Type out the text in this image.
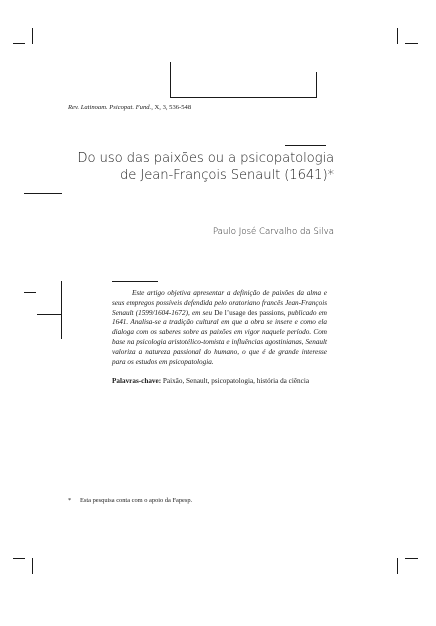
Rev. Latinoam. Psicopat. Fund., X, 3, 536-548
Do uso das paixões ou a psicopatologia
de Jean-François Senault (1641)*
Paulo José Carvalho da Silva

Este artigo objetiva apresentar a definição de paixões da alma e seus empregos possíveis defendida pelo oratoriano francês Jean-François Senault (1599/1604-1672), em seu De l’usage des passions, publicado em 1641. Analisa-se a tradição cultural em que a obra se insere e como ela dialoga com os saberes sobre as paixões em vigor naquele período. Com base na psicologia aristotélico-tomista e influências agostinianas, Senault valoriza a natureza passional do humano, o que é de grande interesse para os estudos em psicopatologia.

Palavras-chave: Paixão, Senault, psicopatologia, história da ciência
* Esta pesquisa conta com o apoio da Fapesp.
